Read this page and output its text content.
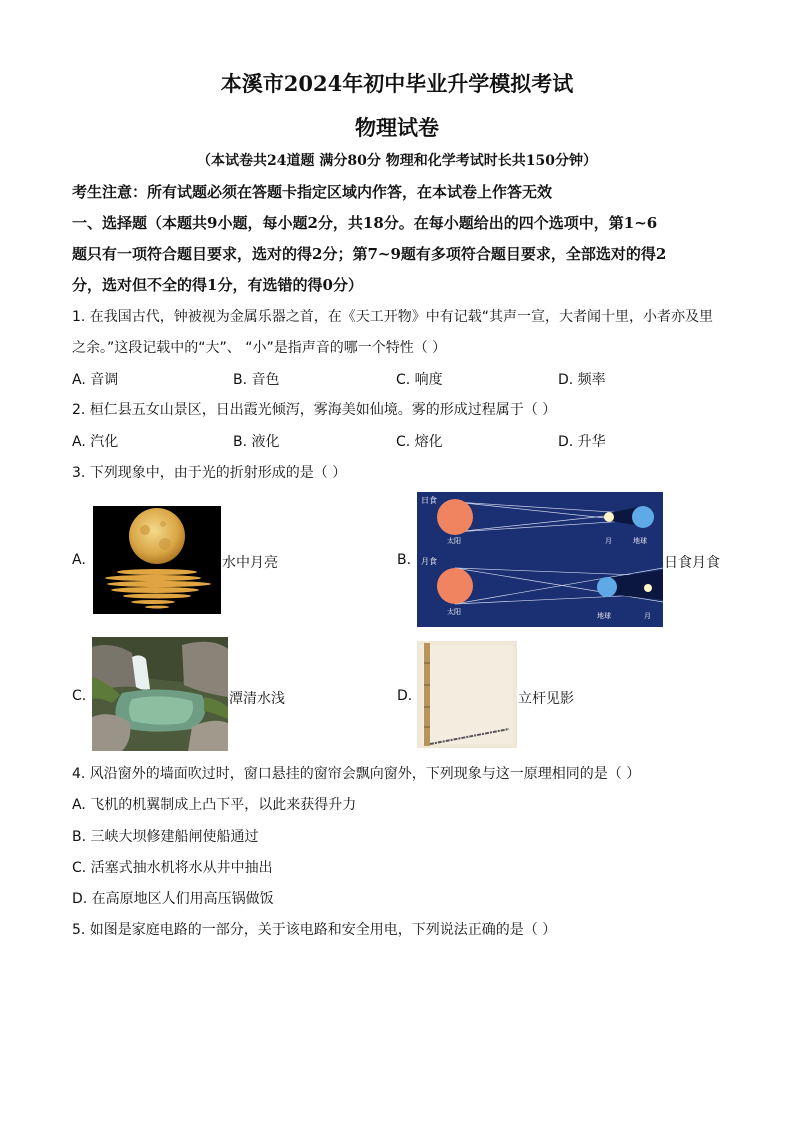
本溪市2024年初中毕业升学模拟考试
物理试卷
（本试卷共24道题 满分80分 物理和化学考试时长共150分钟）
考生注意：所有试题必须在答题卡指定区域内作答，在本试卷上作答无效
一、选择题（本题共9小题，每小题2分，共18分。在每小题给出的四个选项中，第1~6
题只有一项符合题目要求，选对的得2分；第7~9题有多项符合题目要求，全部选对的得2
分，选对但不全的得1分，有选错的得0分）
1. 在我国古代，钟被视为金属乐器之首，在《天工开物》中有记载“其声一宣，大者闻十里，小者亦及里
之余。”这段记载中的“大”、 “小”是指声音的哪一个特性（ ）
A. 音调	B. 音色	C. 响度	D. 频率
2. 桓仁县五女山景区，日出霞光倾泻，雾海美如仙境。雾的形成过程属于（ ）
A. 汽化	B. 液化	C. 熔化	D. 升华
3. 下列现象中，由于光的折射形成的是（ ）
A.	水中月亮	B.
日食
太阳	月	地球
月食
太阳	地球	月
日食月食
C.	潭清水浅	D.	立杆见影
4. 风沿窗外的墙面吹过时，窗口悬挂的窗帘会飘向窗外，下列现象与这一原理相同的是（ ）
A. 飞机的机翼制成上凸下平，以此来获得升力
B. 三峡大坝修建船闸使船通过
C. 活塞式抽水机将水从井中抽出
D. 在高原地区人们用高压锅做饭
5. 如图是家庭电路的一部分，关于该电路和安全用电，下列说法正确的是（ ）
